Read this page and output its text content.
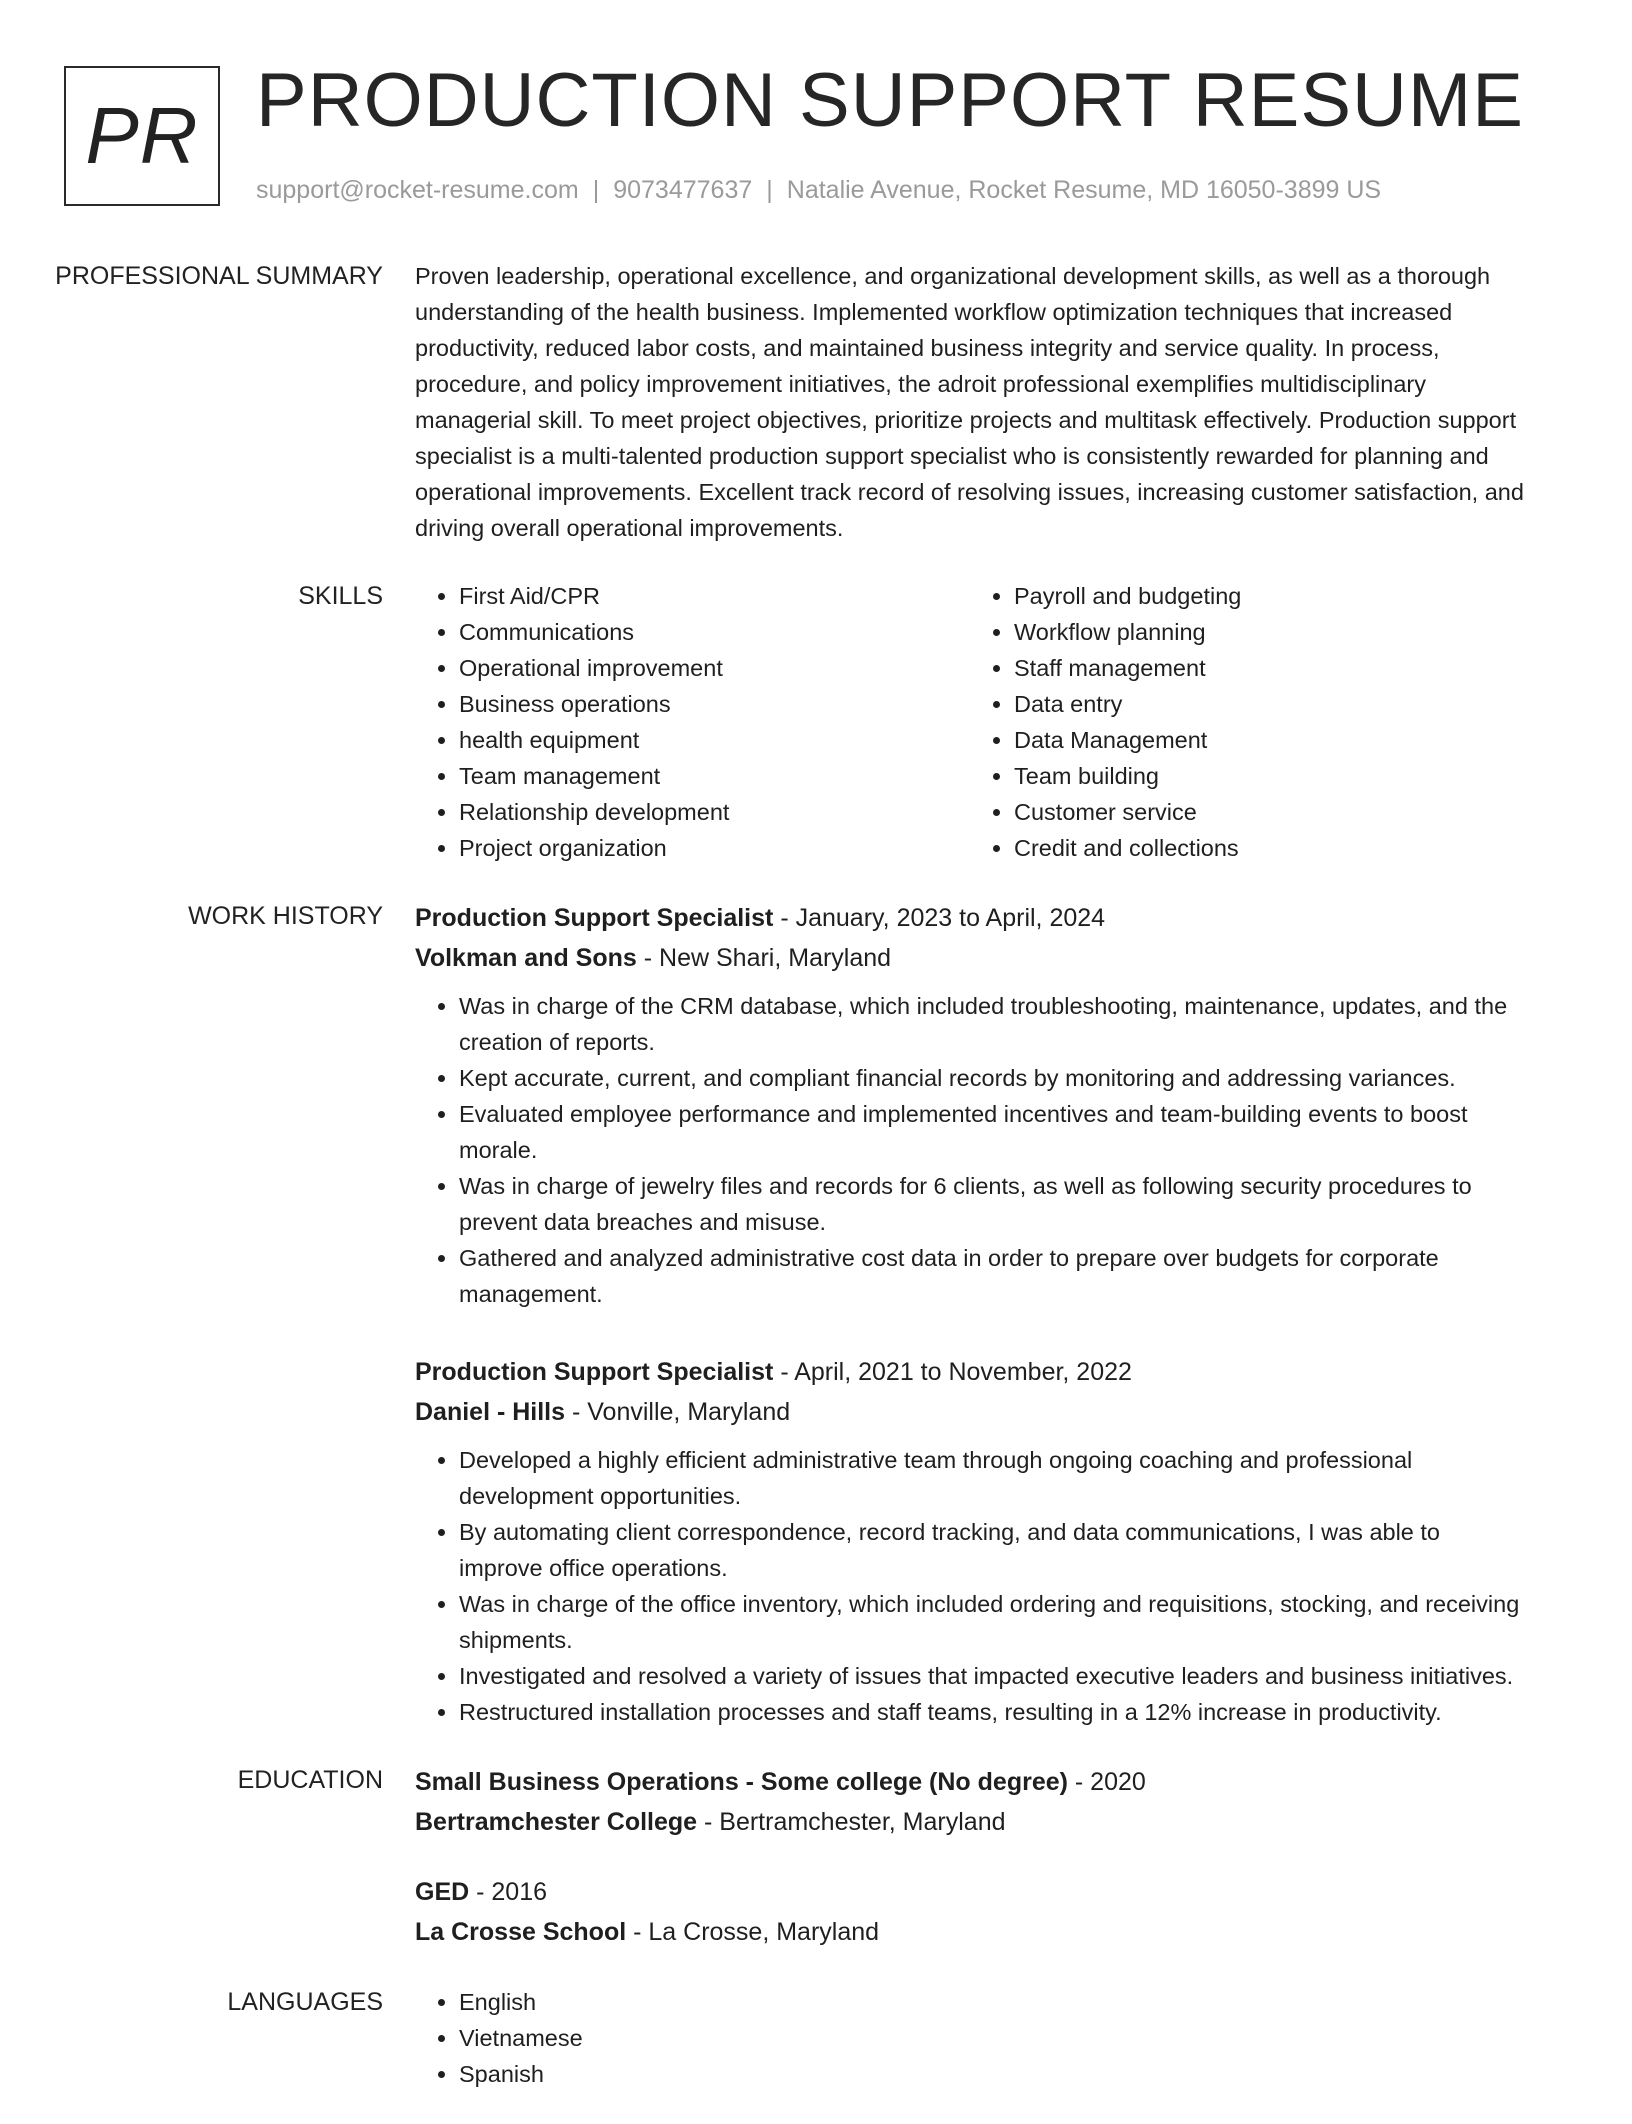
PR PRODUCTION SUPPORT RESUME
support@rocket-resume.com | 9073477637 | Natalie Avenue, Rocket Resume, MD 16050-3899 US
PROFESSIONAL SUMMARY	Proven leadership, operational excellence, and organizational development skills, as well as a thorough understanding of the health business. Implemented workflow optimization techniques that increased productivity, reduced labor costs, and maintained business integrity and service quality. In process, procedure, and policy improvement initiatives, the adroit professional exemplifies multidisciplinary managerial skill. To meet project objectives, prioritize projects and multitask effectively. Production support specialist is a multi-talented production support specialist who is consistently rewarded for planning and operational improvements. Excellent track record of resolving issues, increasing customer satisfaction, and driving overall operational improvements.

SKILLS	• First Aid/CPR
• Communications
• Operational improvement
• Business operations
• health equipment
• Team management
• Relationship development
• Project organization
• Payroll and budgeting
• Workflow planning
• Staff management
• Data entry
• Data Management
• Team building
• Customer service
• Credit and collections
WORK HISTORY	Production Support Specialist - January, 2023 to April, 2024
Volkman and Sons - New Shari, Maryland
• Was in charge of the CRM database, which included troubleshooting, maintenance, updates, and the creation of reports.
• Kept accurate, current, and compliant financial records by monitoring and addressing variances.
• Evaluated employee performance and implemented incentives and team-building events to boost morale.
• Was in charge of jewelry files and records for 6 clients, as well as following security procedures to prevent data breaches and misuse.
• Gathered and analyzed administrative cost data in order to prepare over budgets for corporate management.
Production Support Specialist - April, 2021 to November, 2022
Daniel - Hills - Vonville, Maryland
• Developed a highly efficient administrative team through ongoing coaching and professional development opportunities.
• By automating client correspondence, record tracking, and data communications, I was able to improve office operations.
• Was in charge of the office inventory, which included ordering and requisitions, stocking, and receiving shipments.
• Investigated and resolved a variety of issues that impacted executive leaders and business initiatives.
• Restructured installation processes and staff teams, resulting in a 12% increase in productivity.
EDUCATION	Small Business Operations - Some college (No degree) - 2020
Bertramchester College - Bertramchester, Maryland
GED - 2016
La Crosse School - La Crosse, Maryland
LANGUAGES	• English
• Vietnamese
• Spanish
